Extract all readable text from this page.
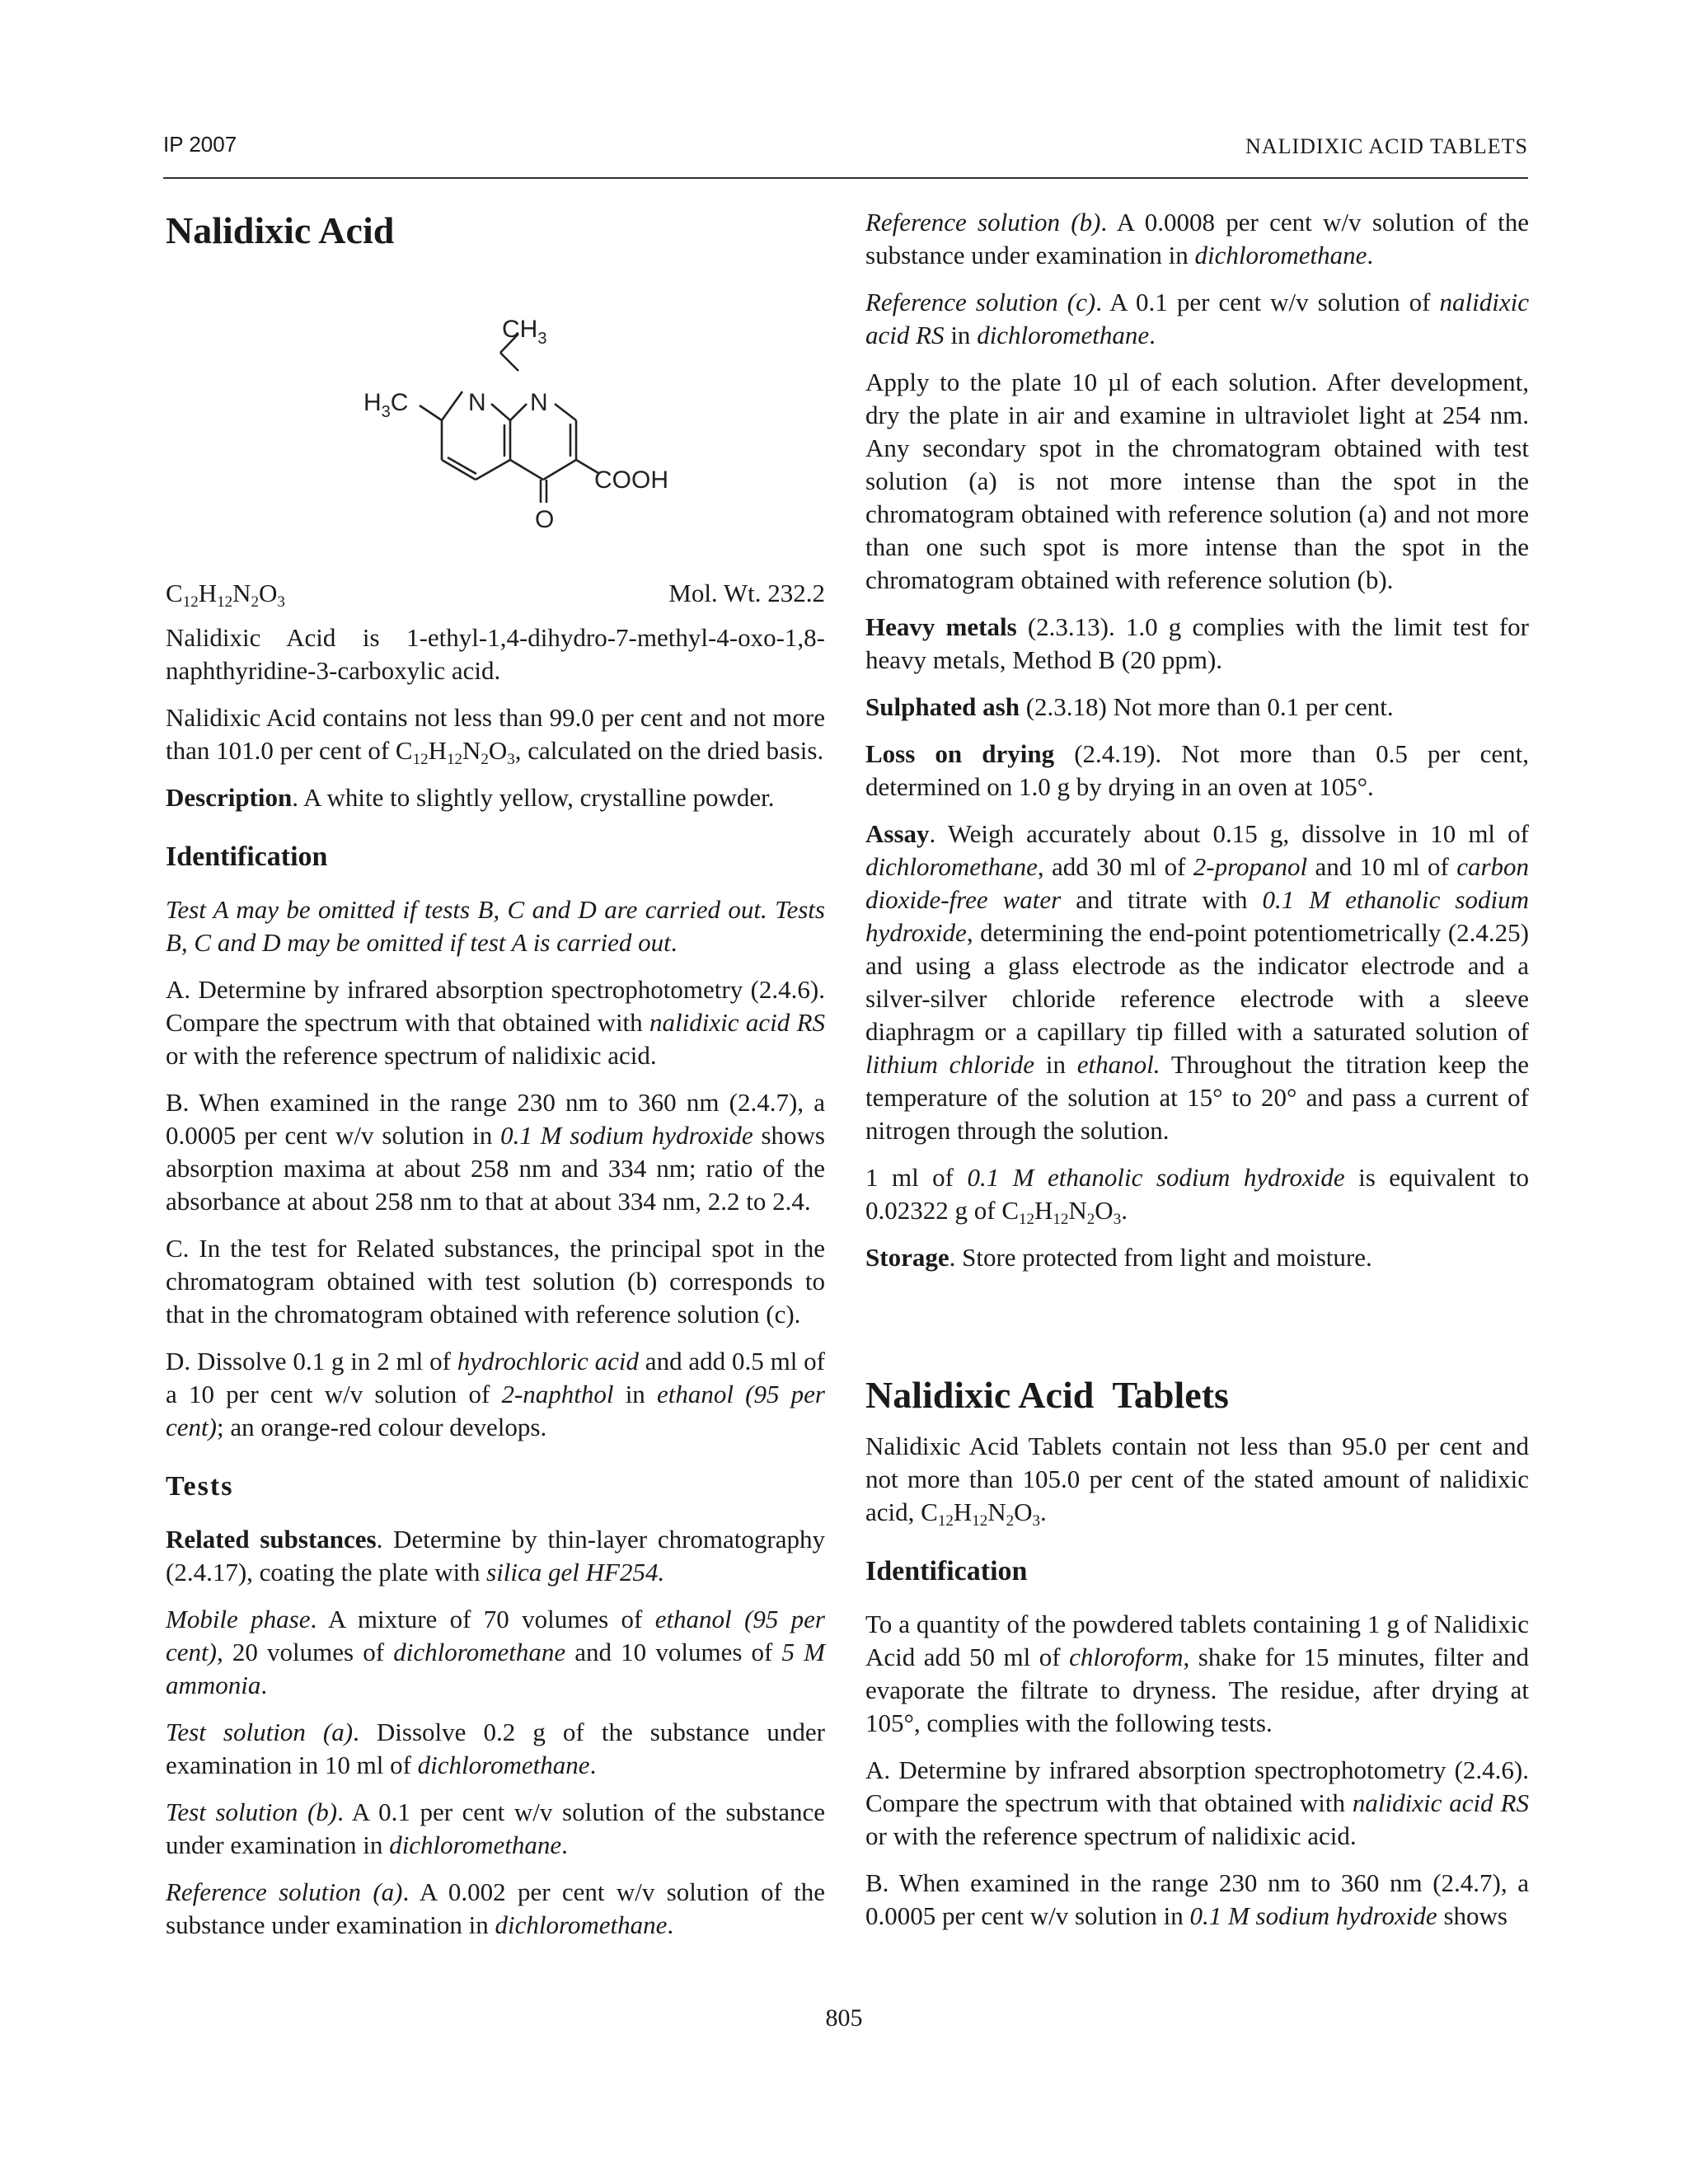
IP 2007	NALIDIXIC ACID TABLETS
Nalidixic Acid
$CH_3$
$H_3C$ N N
COOH
O
$C_{12}H_{12}N_2O_3$	Mol. Wt. 232.2

Nalidixic Acid is 1-ethyl-1,4-dihydro-7-methyl-4-oxo-1,8-naphthyridine-3-carboxylic acid.

Nalidixic Acid contains not less than 99.0 per cent and not more than 101.0 per cent of $C_{12}H_{12}N_2O_3$, calculated on the dried basis.

Description. A white to slightly yellow, crystalline powder.

Identification

Test A may be omitted if tests B, C and D are carried out. Tests B, C and D may be omitted if test A is carried out.

A. Determine by infrared absorption spectrophotometry (2.4.6). Compare the spectrum with that obtained with nalidixic acid RS or with the reference spectrum of nalidixic acid.

B. When examined in the range 230 nm to 360 nm (2.4.7), a 0.0005 per cent w/v solution in 0.1 M sodium hydroxide shows absorption maxima at about 258 nm and 334 nm; ratio of the absorbance at about 258 nm to that at about 334 nm, 2.2 to 2.4.

C. In the test for Related substances, the principal spot in the chromatogram obtained with test solution (b) corresponds to that in the chromatogram obtained with reference solution (c).

D. Dissolve 0.1 g in 2 ml of hydrochloric acid and add 0.5 ml of a 10 per cent w/v solution of 2-naphthol in ethanol (95 per cent); an orange-red colour develops.

Tests

Related substances. Determine by thin-layer chromatography (2.4.17), coating the plate with silica gel HF254.

Mobile phase. A mixture of 70 volumes of ethanol (95 per cent), 20 volumes of dichloromethane and 10 volumes of 5 M ammonia.

Test solution (a). Dissolve 0.2 g of the substance under examination in 10 ml of dichloromethane.

Test solution (b). A 0.1 per cent w/v solution of the substance under examination in dichloromethane.

Reference solution (a). A 0.002 per cent w/v solution of the substance under examination in dichloromethane.

Reference solution (b). A 0.0008 per cent w/v solution of the substance under examination in dichloromethane.

Reference solution (c). A 0.1 per cent w/v solution of nalidixic acid RS in dichloromethane.

Apply to the plate 10 µl of each solution. After development, dry the plate in air and examine in ultraviolet light at 254 nm. Any secondary spot in the chromatogram obtained with test solution (a) is not more intense than the spot in the chromatogram obtained with reference solution (a) and not more than one such spot is more intense than the spot in the chromatogram obtained with reference solution (b).

Heavy metals (2.3.13). 1.0 g complies with the limit test for heavy metals, Method B (20 ppm).

Sulphated ash (2.3.18) Not more than 0.1 per cent.

Loss on drying (2.4.19). Not more than 0.5 per cent, determined on 1.0 g by drying in an oven at 105°.

Assay. Weigh accurately about 0.15 g, dissolve in 10 ml of dichloromethane, add 30 ml of 2-propanol and 10 ml of carbon dioxide-free water and titrate with 0.1 M ethanolic sodium hydroxide, determining the end-point potentiometrically (2.4.25) and using a glass electrode as the indicator electrode and a silver-silver chloride reference electrode with a sleeve diaphragm or a capillary tip filled with a saturated solution of lithium chloride in ethanol. Throughout the titration keep the temperature of the solution at 15° to 20° and pass a current of nitrogen through the solution.

1 ml of 0.1 M ethanolic sodium hydroxide is equivalent to 0.02322 g of $C_{12}H_{12}N_2O_3$.

Storage. Store protected from light and moisture.

Nalidixic Acid  Tablets

Nalidixic Acid Tablets contain not less than 95.0 per cent and not more than 105.0 per cent of the stated amount of nalidixic acid, $C_{12}H_{12}N_2O_3$.

Identification

To a quantity of the powdered tablets containing 1 g of Nalidixic Acid add 50 ml of chloroform, shake for 15 minutes, filter and evaporate the filtrate to dryness. The residue, after drying at 105°, complies with the following tests.

A. Determine by infrared absorption spectrophotometry (2.4.6). Compare the spectrum with that obtained with nalidixic acid RS or with the reference spectrum of nalidixic acid.

B. When examined in the range 230 nm to 360 nm (2.4.7), a 0.0005 per cent w/v solution in 0.1 M sodium hydroxide shows

805
